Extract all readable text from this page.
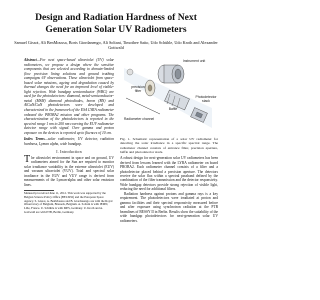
Design and Radiation Hardness of Next
Generation Solar UV Radiometers

Samuel Gissot, Ali BenMoussa, Boris Giordanengo, Ali Soltani, Timothee Saito, Udo Schühle, Udo Kroth and Alexander Gottwald

Abstract—For next space-based ultraviolet (UV) solar radiometers, we propose a design where the sensitive components that are selected according to domain-limited (low precision lining solutions and ground truthing campaigns 6V observations. These ultraviolet from space-based solar missions, ageing and degradation caused by thermal changes the need for an improved level of visible-light rejection. Wide bandgap semiconductor (WBG) are used for the photodetectors: diamond, metal-semiconductor-metal (MSM) diamond photodiodes, boron (BN) and AlGaN/GaN photodetectors were developed and characterized in the framework of the ESA LYRA radiometer onboard the PROBA2 mission and other programs. The characterization of the photodetectors is reported in the spectral range 1 nm to 200 nm covering the EUV radiometer detector range with signal. Over gamma and proton exposure on the devices is reported up to fluences of 10 cm.

Index Terms—solar radiometer, UV detector, radiation hardness, Lyman alpha, wide bandgap.

I. Introduction

The ultraviolet environment in space and on ground, UV radiometers aimed for the Sun are required to monitor solar irradiance variability in the extreme ultraviolet (EUV) and vacuum ultraviolet (VUV). Total and spectral solar irradiance in the EUV and VUV range is derived from measurements of the Lyman-alpha and other solar emission lines.

Manuscript received June 11, 2012. This work was supported by the Belgian Science Policy Office (BELSPO) and the European Space Agency. S. Gissot, A. BenMoussa and B. Giordanengo are with the Royal Observatory of Belgium, Brussels, Belgium. A. Soltani is with IEMN, Lille, France. U. Schühle is with MPS, Germany. U. Kroth and A. Gottwald are with PTB, Berlin, Germany.

Instrument unit
precision filter
Baffle
Photodetector stack
Radiometer channel

Fig. 1. Schematic representation of a solar UV radiometer for detecting the solar irradiance in a specific spectral range. The radiometer channel consists of entrance filter, precision aperture, baffle and photodetector stack.

A robust design for next-generation solar UV radiometers has been derived from lessons learned with the LYRA radiometer on board PROBA2. Each radiometer channel consists of a filter and a photodetector placed behind a precision aperture. The detectors receive the solar flux within a spectral passband defined by the combination of the filter transmission and the detector responsivity. Wide bandgap detectors provide strong rejection of visible light, reducing the need for additional filters.

Radiation hardness against protons and gamma rays is a key requirement. The photodetectors were irradiated at proton and gamma facilities and their spectral responsivity measured before and after exposure using synchrotron radiation at the PTB beamlines of BESSY II in Berlin. Results show the suitability of the wide bandgap photodetectors for next-generation solar UV radiometers.
